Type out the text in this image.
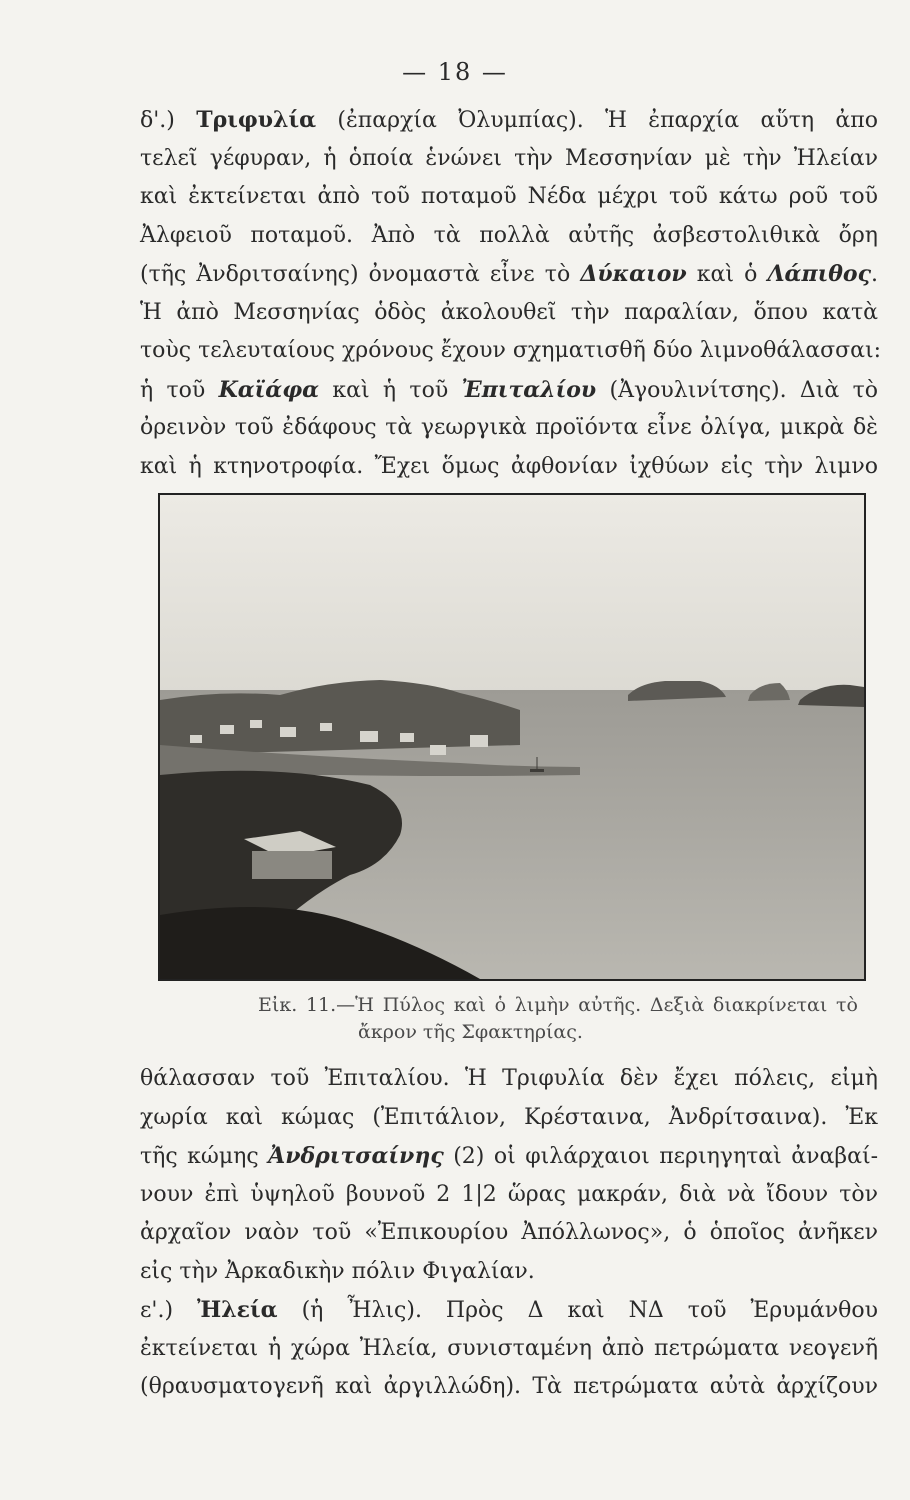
— 18 —
δ'.) Τριφυλία (ἐπαρχία Ὀλυμπίας). Ἡ ἐπαρχία αὕτη ἀπο
τελεῖ γέφυραν, ἡ ὁποία ἑνώνει τὴν Μεσσηνίαν μὲ τὴν Ἠλείαν
καὶ ἐκτείνεται ἀπὸ τοῦ ποταμοῦ Νέδα μέχρι τοῦ κάτω ροῦ τοῦ
Ἀλφειοῦ ποταμοῦ. Ἀπὸ τὰ πολλὰ αὐτῆς ἀσβεστολιθικὰ ὄρη
(τῆς Ἀνδριτσαίνης) ὀνομαστὰ εἶνε τὸ Δύκαιον καὶ ὁ Λάπιθος.
Ἡ ἀπὸ Μεσσηνίας ὁδὸς ἀκολουθεῖ τὴν παραλίαν, ὅπου κατὰ
τοὺς τελευταίους χρόνους ἔχουν σχηματισθῆ δύο λιμνοθάλασσαι:
ἡ τοῦ Καϊάφα καὶ ἡ τοῦ Ἐπιταλίου (Ἀγουλινίτσης). Διὰ τὸ
ὀρεινὸν τοῦ ἐδάφους τὰ γεωργικὰ προϊόντα εἶνε ὀλίγα, μικρὰ δὲ
καὶ ἡ κτηνοτροφία. Ἔχει ὅμως ἀφθονίαν ἰχθύων εἰς τὴν λιμνο
Εἰκ. 11.—Ἡ Πύλος καὶ ὁ λιμὴν αὐτῆς. Δεξιὰ διακρίνεται τὸ
ἄκρον τῆς Σφακτηρίας.
θάλασσαν τοῦ Ἐπιταλίου. Ἡ Τριφυλία δὲν ἔχει πόλεις, εἰμὴ
χωρία καὶ κώμας (Ἐπιτάλιον, Κρέσταινα, Ἀνδρίτσαινα). Ἐκ
τῆς κώμης Ἀνδριτσαίνης (2) οἱ φιλάρχαιοι περιηγηταὶ ἀναβαί-
νουν ἐπὶ ὑψηλοῦ βουνοῦ 2 1|2 ὥρας μακράν, διὰ νὰ ἴδουν τὸν
ἀρχαῖον ναὸν τοῦ «Ἐπικουρίου Ἀπόλλωνος», ὁ ὁποῖος ἀνῆκεν
εἰς τὴν Ἀρκαδικὴν πόλιν Φιγαλίαν.
ε'.) Ἠλεία (ἡ Ἦλις). Πρὸς Δ καὶ ΝΔ τοῦ Ἐρυμάνθου
ἐκτείνεται ἡ χώρα Ἠλεία, συνισταμένη ἀπὸ πετρώματα νεογενῆ
(θραυσματογενῆ καὶ ἀργιλλώδη). Τὰ πετρώματα αὐτὰ ἀρχίζουν
